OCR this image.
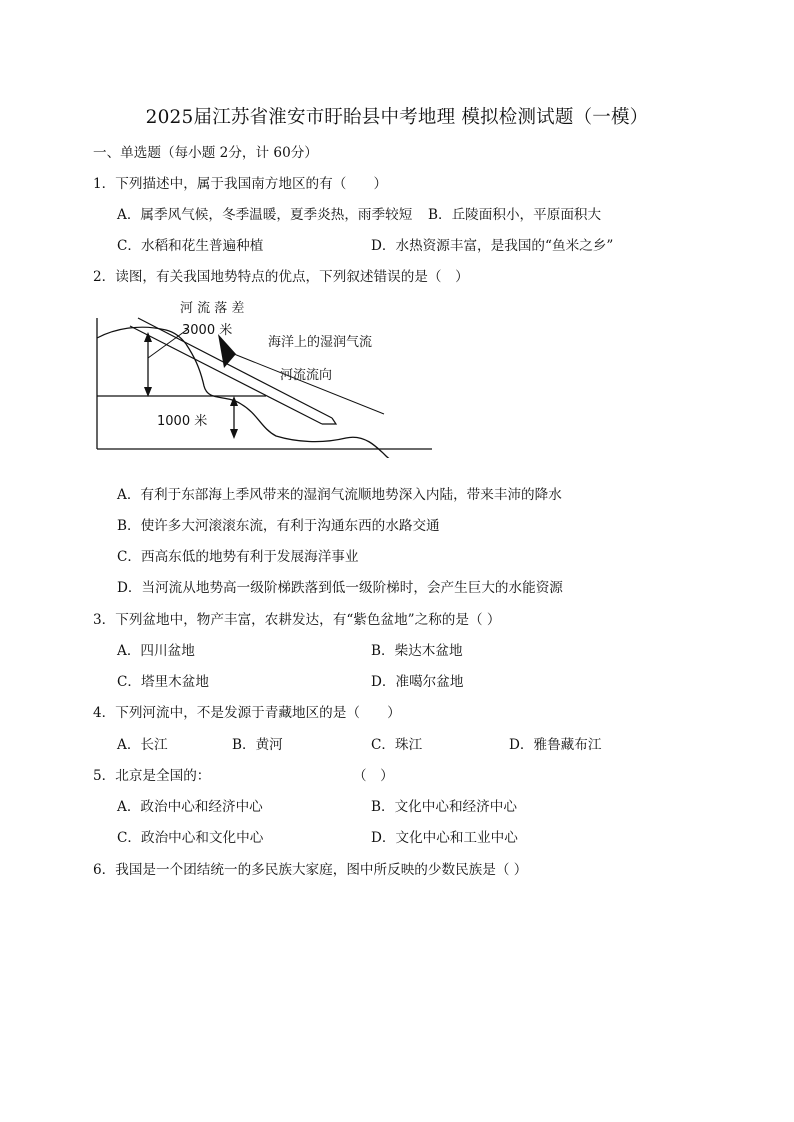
2025届江苏省淮安市盱眙县中考地理 模拟检测试题（一模）
一、单选题（每小题 2分，计 60分）
1．下列描述中，属于我国南方地区的有（　　）
A．属季风气候，冬季温暖，夏季炎热，雨季较短 B．丘陵面积小，平原面积大
C．水稻和花生普遍种植	D．水热资源丰富，是我国的“鱼米之乡”
2．读图，有关我国地势特点的优点，下列叙述错误的是（　）
河 流 落 差
3000 米
海洋上的湿润气流
河流流向
1000 米
A．有利于东部海上季风带来的湿润气流顺地势深入内陆，带来丰沛的降水
B．使许多大河滚滚东流，有利于沟通东西的水路交通
C．西高东低的地势有利于发展海洋事业
D．当河流从地势高一级阶梯跌落到低一级阶梯时，会产生巨大的水能资源
3．下列盆地中，物产丰富，农耕发达，有“紫色盆地”之称的是（ ）
A．四川盆地	B．柴达木盆地
C．塔里木盆地	D．准噶尔盆地
4．下列河流中，不是发源于青藏地区的是（　　）
A．长江	B．黄河	C．珠江	D．雅鲁藏布江
5．北京是全国的：	（　）
A．政治中心和经济中心	B．文化中心和经济中心
C．政治中心和文化中心	D．文化中心和工业中心
6．我国是一个团结统一的多民族大家庭，图中所反映的少数民族是（ ）
